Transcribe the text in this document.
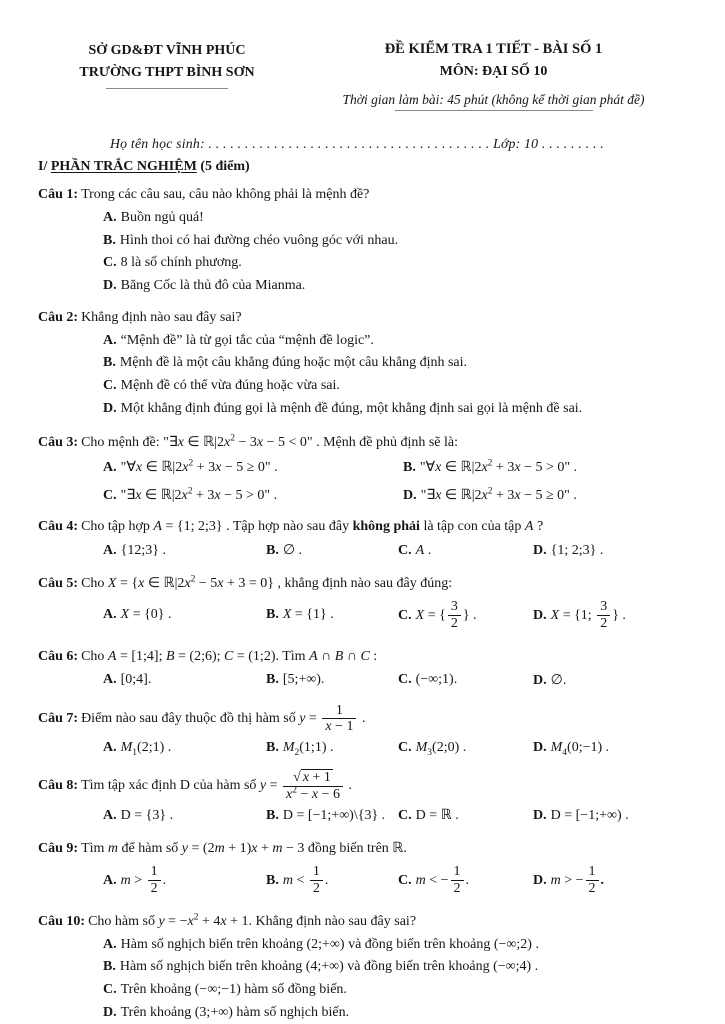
SỞ GD&ĐT VĨNH PHÚC
TRƯỜNG THPT BÌNH SƠN
ĐỀ KIỂM TRA 1 TIẾT - BÀI SỐ 1
MÔN: ĐẠI SỐ 10
Thời gian làm bài: 45 phút (không kể thời gian phát đề)
Họ tên học sinh: . . . . . . . . . . . . . . . . . . . . . . . . . . . . . . . . . . . . . . . Lớp: 10 . . . . . . . . .
I/ PHẦN TRẮC NGHIỆM (5 điểm)
Câu 1: Trong các câu sau, câu nào không phải là mệnh đề?
A. Buồn ngủ quá!
B. Hình thoi có hai đường chéo vuông góc với nhau.
C. 8 là số chính phương.
D. Băng Cốc là thủ đô của Mianma.
Câu 2: Khẳng định nào sau đây sai?
A. “Mệnh đề” là từ gọi tắc của “mệnh đề logic”.
B. Mệnh đề là một câu khẳng đúng hoặc một câu khẳng định sai.
C. Mệnh đề có thể vừa đúng hoặc vừa sai.
D. Một khẳng định đúng gọi là mệnh đề đúng, một khẳng định sai gọi là mệnh đề sai.
Câu 3: Cho mệnh đề: "∃x ∈ $ℝ|2x^2 - 3x - 5 < 0$" . Mệnh đề phủ định sẽ là:
A. "∀x ∈ $ℝ|2x^2 + 3x - 5 \ge 0$" .	B. "∀x ∈ $ℝ|2x^2 + 3x - 5 > 0$" .
C. "∃x ∈ $ℝ|2x^2 + 3x - 5 > 0$" .	D. "∃x ∈ $ℝ|2x^2 + 3x - 5 \ge 0$" .
Câu 4: Cho tập hợp A = {1; 2;3} . Tập hợp nào sau đây không phải là tập con của tập A ?
A. {12;3} .	B. ∅ .	C. A .	D. {1; 2;3} .
Câu 5: Cho X = {x ∈ $ℝ|2x^2 - 5x + 3 = 0$} , khẳng định nào sau đây đúng:
A. X = {0} .	B. X = {1} .	C. X = { $\frac{3}{2}$ } .	D. X = {1; $\frac{3}{2}$ } .
Câu 6: Cho A = [1;4]; B = (2;6); C = (1;2). Tìm A ∩ B ∩ C :
A. [0;4].	B. [5;+∞).	C. (−∞;1).	D. ∅.
Câu 7: Điểm nào sau đây thuộc đồ thị hàm số $y = \frac{1}{x - 1}$ .
A. $M_1(2;1)$ .	B. $M_2(1;1)$ .	C. $M_3(2;0)$ .	D. $M_4(0;-1)$ .
Câu 8: Tìm tập xác định D của hàm số $y = \frac{√ x + 1}{x^2 - x - 6}$ .
A. D = {3} .	B. D = [−1;+∞)\{3} . C. D = ℝ .	D. D = [−1;+∞) .
Câu 9: Tìm m để hàm số y = (2m + 1)x + m − 3 đồng biến trên ℝ.
A. $m > \frac{1}{2}$ .	B. $m < \frac{1}{2}$ .	C. m < − $\frac{1}{2}$ .	D. m > − $\frac{1}{2}$ .
Câu 10: Cho hàm số $y = -x^2 + 4x + 1$. Khẳng định nào sau đây sai?
A. Hàm số nghịch biến trên khoảng (2;+∞) và đồng biến trên khoảng (−∞;2) .
B. Hàm số nghịch biến trên khoảng (4;+∞) và đồng biến trên khoảng (−∞;4) .
C. Trên khoảng (−∞;−1) hàm số đồng biến.
D. Trên khoảng (3;+∞) hàm số nghịch biến.
